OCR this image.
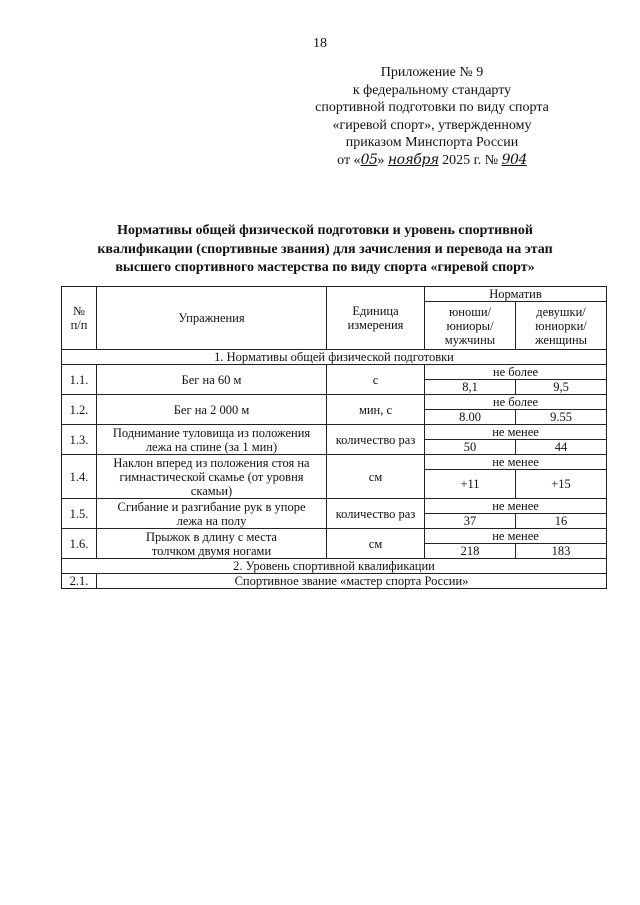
18
Приложение № 9
к федеральному стандарту
спортивной подготовки по виду спорта
«гиревой спорт», утвержденному
приказом Минспорта России
от «05» ноября 2025 г. № 904
Нормативы общей физической подготовки и уровень спортивной
квалификации (спортивные звания) для зачисления и перевода на этап
высшего спортивного мастерства по виду спорта «гиревой спорт»
№ п/п	Упражнения	Единица измерения	Норматив	
			юноши/ юниоры/ мужчины	девушки/ юниорки/ женщины
1. Нормативы общей физической подготовки				
1.1.	Бег на 60 м	с	не более	
			8,1	9,5
1.2.	Бег на 2 000 м	мин, с	не более	
			8.00	9.55
1.3.	Поднимание туловища из положения лежа на спине (за 1 мин)	количество раз	не менее	
			50	44
1.4.	Наклон вперед из положения стоя на гимнастической скамье (от уровня скамьи)	см	не менее	
			+11	+15
1.5.	Сгибание и разгибание рук в упоре лежа на полу	количество раз	не менее	
			37	16
1.6.	Прыжок в длину с места толчком двумя ногами	см	не менее	
			218	183
2. Уровень спортивной квалификации				
2.1.	Спортивное звание «мастер спорта России»			
